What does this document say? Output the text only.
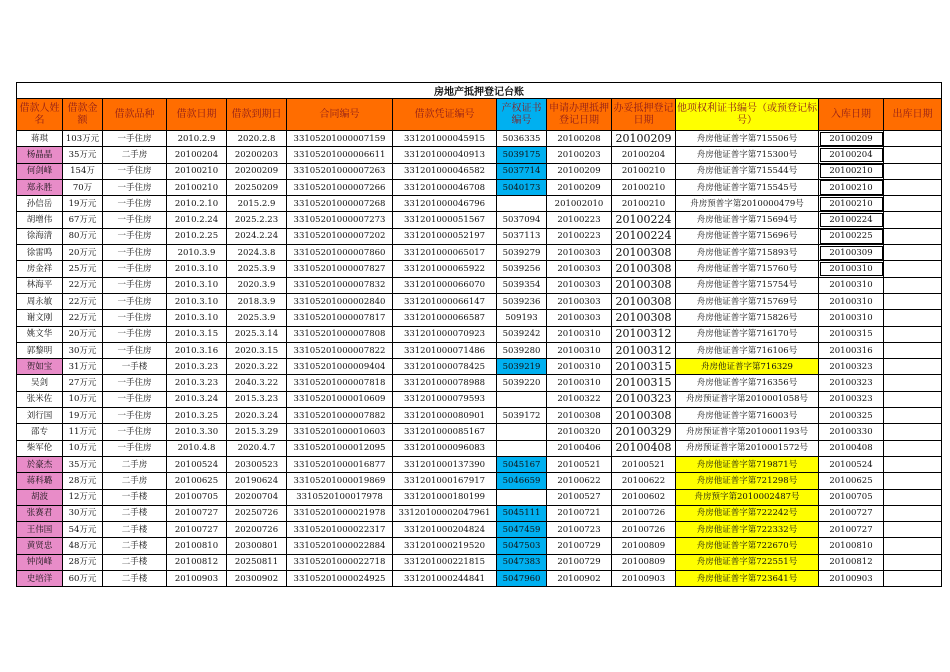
房地产抵押登记台账												
借款人姓名	借款金额	借款品种	借款日期	借款到期日	合同编号	借款凭证编号	产权证书编号	申请办理抵押登记日期	办妥抵押登记日期	他项权利证书编号（或预登记标号）	入库日期	出库日期
蒋琪	103万元	一手住房	2010.2.9	2020.2.8	33105201000007159	331201000045915	5036335	20100208	20100209	舟房他证普字第715506号	20100209	
杨晶晶	35万元	二手房	20100204	20200203	33105201000006611	331201000040913	5039175	20100203	20100204	舟房他证普字第715300号	20100204	
何剑峰	154万	一手住房	20100210	20200209	33105201000007263	331201000046582	5037714	20100209	20100210	舟房他证普字第715544号	20100210	
郑永胜	70万	一手住房	20100210	20250209	33105201000007266	331201000046708	5040173	20100209	20100210	舟房他证普字第715545号	20100210	
孙信岳	19万元	一手住房	2010.2.10	2015.2.9	33105201000007268	331201000046796		201002010	20100210	舟房预普字第2010000479号	20100210	
胡增伟	67万元	一手住房	2010.2.24	2025.2.23	33105201000007273	331201000051567	5037094	20100223	20100224	舟房他证普字第715694号	20100224	
徐海清	80万元	一手住房	2010.2.25	2024.2.24	33105201000007202	331201000052197	5037113	20100223	20100224	舟房他证普字第715696号	20100225	
徐雷鸣	20万元	一手住房	2010.3.9	2024.3.8	33105201000007860	331201000065017	5039279	20100303	20100308	舟房他证普字第715893号	20100309	
房金祥	25万元	一手住房	2010.3.10	2025.3.9	33105201000007827	331201000065922	5039256	20100303	20100308	舟房他证普字第715760号	20100310	
林海平	22万元	一手住房	2010.3.10	2020.3.9	33105201000007832	331201000066070	5039354	20100303	20100308	舟房他证普字第715754号	20100310	
周永敏	22万元	一手住房	2010.3.10	2018.3.9	33105201000002840	331201000066147	5039236	20100303	20100308	舟房他证普字第715769号	20100310	
谢文刚	22万元	一手住房	2010.3.10	2025.3.9	33105201000007817	331201000066587	509193	20100303	20100308	舟房他证普字第715826号	20100310	
姚文华	20万元	一手住房	2010.3.15	2025.3.14	33105201000007808	331201000070923	5039242	20100310	20100312	舟房他证普字第716170号	20100315	
郭黎明	30万元	一手住房	2010.3.16	2020.3.15	33105201000007822	331201000071486	5039280	20100310	20100312	舟房他证普字第716106号	20100316	
贺如宝	31万元	一手楼	2010.3.23	2020.3.22	33105201000009404	331201000078425	5039219	20100310	20100315	舟房他证普字第716329	20100323	
吴剑	27万元	一手住房	2010.3.23	2040.3.22	33105201000007818	331201000078988	5039220	20100310	20100315	舟房他证普字第716356号	20100323	
张米佐	10万元	一手住房	2010.3.24	2015.3.23	33105201000010609	331201000079593		20100322	20100323	舟房预证普字第2010001058号	20100323	
刘行国	19万元	一手住房	2010.3.25	2020.3.24	33105201000007882	331201000080901	5039172	20100308	20100308	舟房他证普字第716003号	20100325	
邵专	11万元	一手住房	2010.3.30	2015.3.29	33105201000010603	331201000085167		20100320	20100329	舟房预证普字第2010001193号	20100330	
柴军伦	10万元	一手住房	2010.4.8	2020.4.7	33105201000012095	331201000096083		20100406	20100408	舟房预证普字第2010001572号	20100408	
於豪杰	35万元	二手房	20100524	20300523	33105201000016877	331201000137390	5045167	20100521	20100521	舟房他证普字第719871号	20100524	
蒋科璐	28万元	二手房	20100625	20190624	33105201000019869	331201000167917	5046659	20100622	20100622	舟房他证普字第721298号	20100625	
胡波	12万元	一手楼	20100705	20200704	3310520100017978	331201000180199		20100527	20100602	舟房预字第2010002487号	20100705	
张赛君	30万元	二手楼	20100727	20250726	33105201000021978	33120100002047961	5045111	20100721	20100726	舟房他证普字第722242号	20100727	
王伟国	54万元	二手楼	20100727	20200726	33105201000022317	331201000204824	5047459	20100723	20100726	舟房他证普字第722332号	20100727	
黄贤忠	48万元	二手楼	20100810	20300801	33105201000022884	331201000219520	5047503	20100729	20100809	舟房他证普字第722670号	20100810	
钟岗峰	28万元	二手楼	20100812	20250811	33105201000022718	331201000221815	5047383	20100729	20100809	舟房他证普字第722551号	20100812	
史培洋	60万元	二手楼	20100903	20300902	33105201000024925	331201000244841	5047960	20100902	20100903	舟房他证普字第723641号	20100903	
